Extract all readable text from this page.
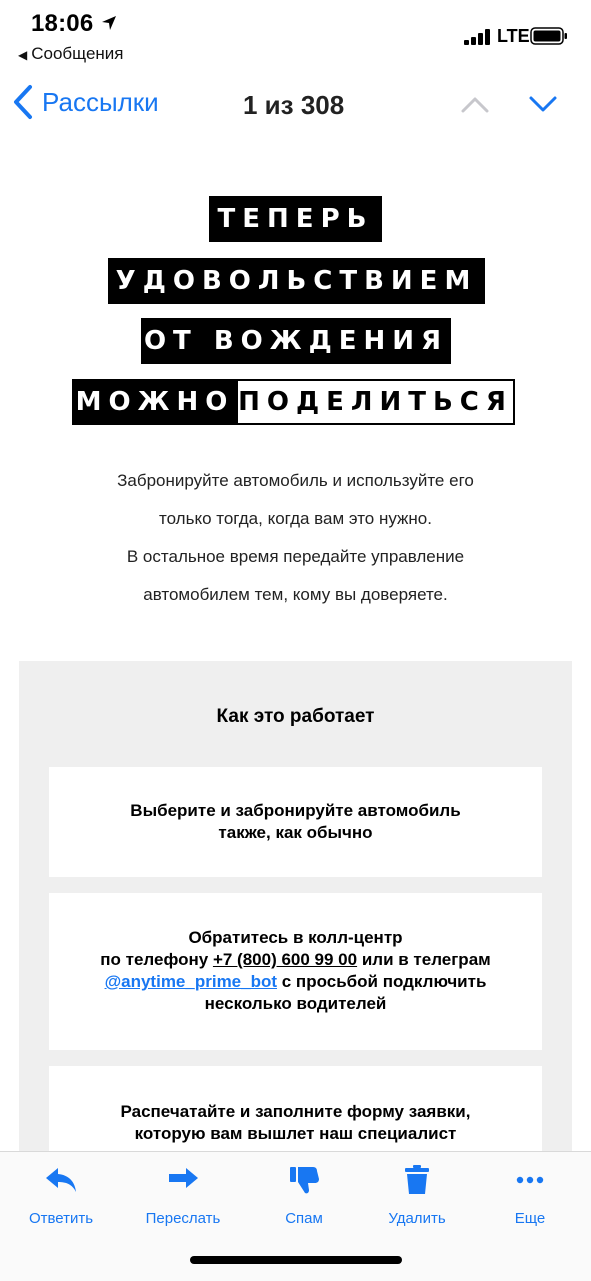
18:06
◀ Сообщения
LTE
Рассылки	1 из 308
ТЕПЕРЬ
УДОВОЛЬСТВИЕМ
ОТ ВОЖДЕНИЯ
МОЖНО ПОДЕЛИТЬСЯ
Забронируйте автомобиль и используйте его
только тогда, когда вам это нужно.
В остальное время передайте управление
автомобилем тем, кому вы доверяете.
Как это работает
Выберите и забронируйте автомобиль
также, как обычно
Обратитесь в колл-центр
по телефону +7 (800) 600 99 00 или в телеграм
@anytime_prime_bot с просьбой подключить
несколько водителей
Распечатайте и заполните форму заявки,
которую вам вышлет наш специалист
Ответить	Переслать	Спам	Удалить	Еще
